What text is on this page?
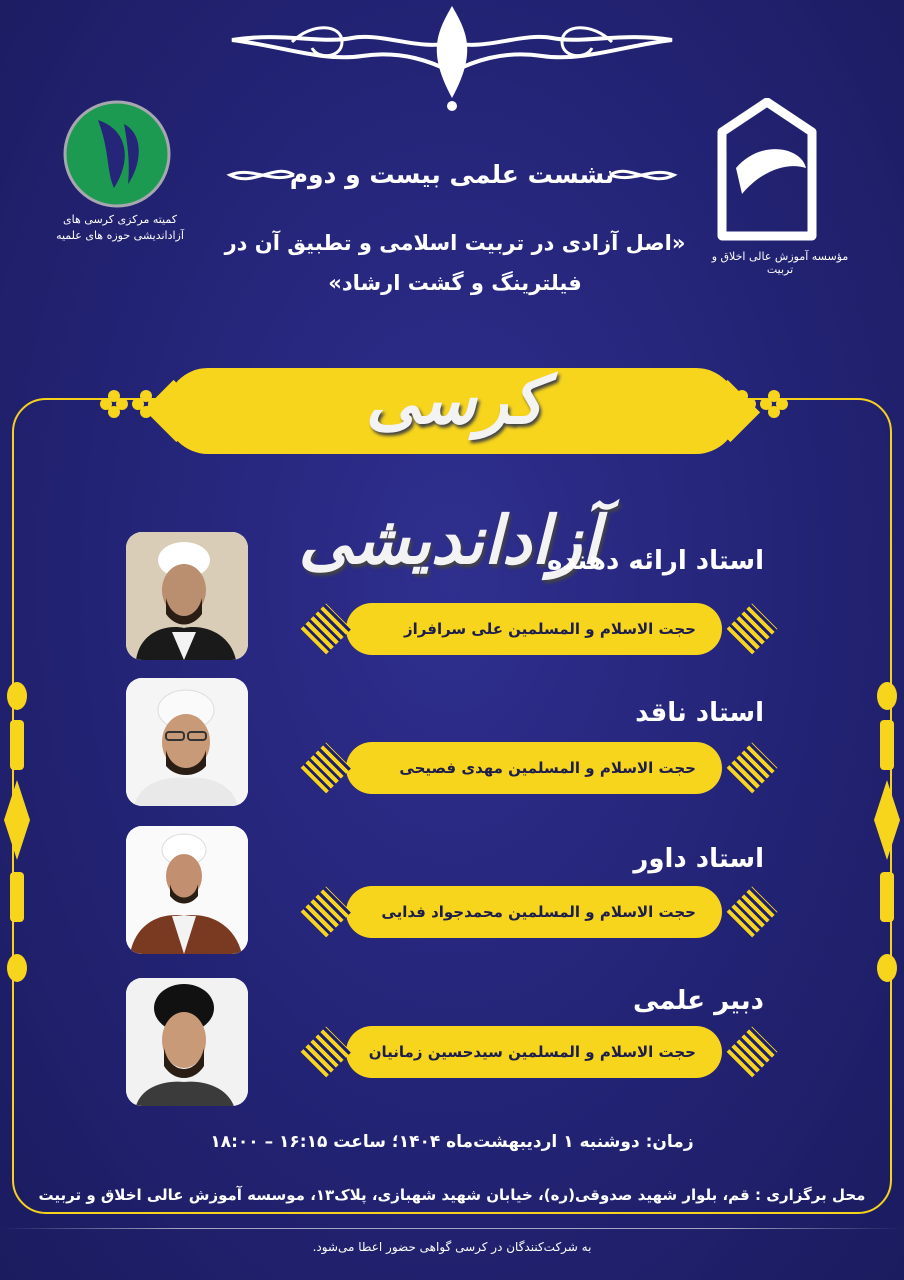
کمیته مرکزی کرسی های
آزاداندیشی حوزه های علمیه
مؤسسه آموزش عالی اخلاق و تربیت
نشست علمی بیست و دوم
«اصل آزادی در تربیت اسلامی و تطبیق آن در
فیلترینگ و گشت ارشاد»
کرسی آزاداندیشی
استاد ارائه دهنده
حجت الاسلام و المسلمین علی سرافراز
استاد ناقد
حجت الاسلام و المسلمین مهدی فصیحی
استاد داور
حجت الاسلام و المسلمین محمدجواد فدایی
دبیر علمی
حجت الاسلام و المسلمین سیدحسین زمانیان
زمان: دوشنبه ۱ اردیبهشت‌ماه ۱۴۰۴؛ ساعت ۱۶:۱۵ – ۱۸:۰۰
محل برگزاری : قم، بلوار شهید صدوقی(ره)، خیابان شهید شهبازی، پلاک۱۳، موسسه آموزش عالی اخلاق و تربیت
به شرکت‌کنندگان در کرسی گواهی حضور اعطا می‌شود.
